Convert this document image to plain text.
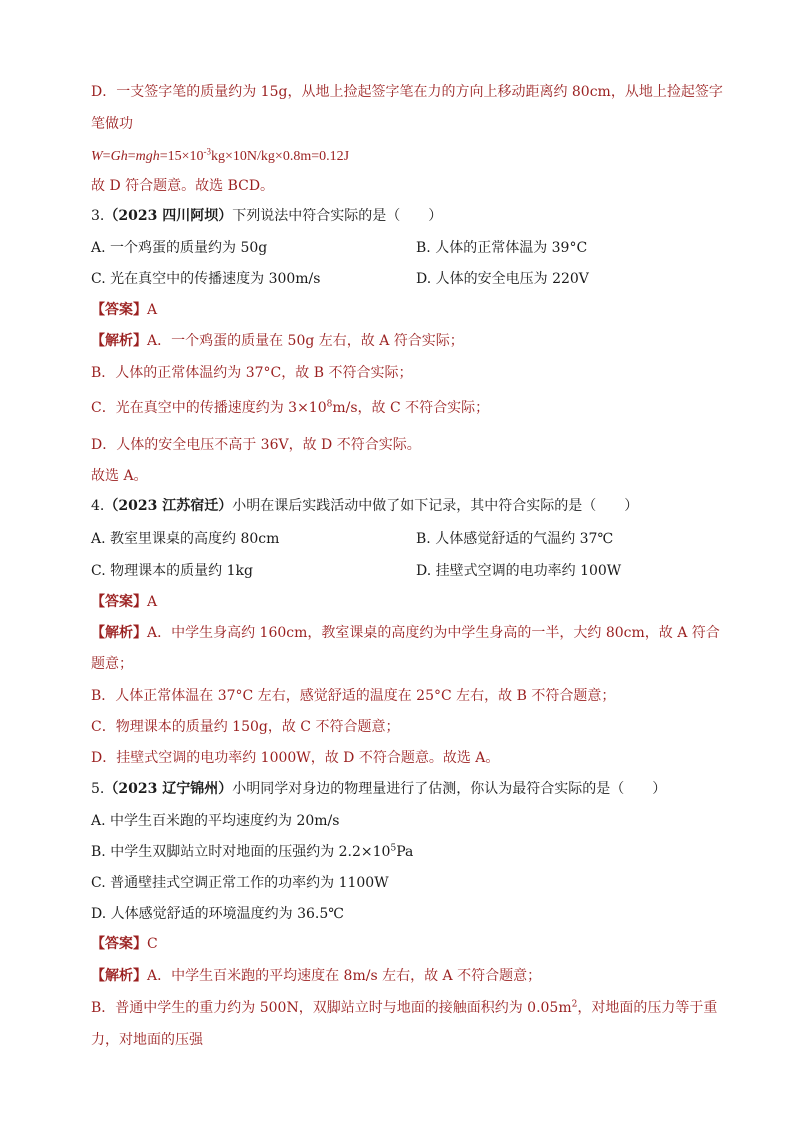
D．一支签字笔的质量约为 15g，从地上捡起签字笔在力的方向上移动距离约 80cm，从地上捡起签字
笔做功
$W=Gh=mgh=15\times 10^{-3}kg\times 10N/kg\times 0.8m=0.12J$
故 D 符合题意。故选 BCD。
3.（2023 四川阿坝）下列说法中符合实际的是（　　）
A. 一个鸡蛋的质量约为 50g	B. 人体的正常体温为 39°C
C. 光在真空中的传播速度为 300m/s	D. 人体的安全电压为 220V
【答案】A
【解析】A．一个鸡蛋的质量在 50g 左右，故 A 符合实际；
B．人体的正常体温约为 37°C，故 B 不符合实际；
C．光在真空中的传播速度约为 $3\times 10^8m/s$，故 C 不符合实际；
D．人体的安全电压不高于 36V，故 D 不符合实际。
故选 A。
4.（2023 江苏宿迁）小明在课后实践活动中做了如下记录，其中符合实际的是（　　）
A. 教室里课桌的高度约 80cm	B. 人体感觉舒适的气温约 37℃
C. 物理课本的质量约 1kg	D. 挂壁式空调的电功率约 100W
【答案】A
【解析】A．中学生身高约 160cm，教室课桌的高度约为中学生身高的一半，大约 80cm，故 A 符合
题意；
B．人体正常体温在 37°C 左右，感觉舒适的温度在 25°C 左右，故 B 不符合题意；
C．物理课本的质量约 150g，故 C 不符合题意；
D．挂壁式空调的电功率约 1000W，故 D 不符合题意。故选 A。
5.（2023 辽宁锦州）小明同学对身边的物理量进行了估测，你认为最符合实际的是（　　）
A. 中学生百米跑的平均速度约为 20m/s
B. 中学生双脚站立时对地面的压强约为 $2.2\times 10^5Pa$
C. 普通壁挂式空调正常工作的功率约为 1100W
D. 人体感觉舒适的环境温度约为 36.5℃
【答案】C
【解析】A．中学生百米跑的平均速度在 8m/s 左右，故 A 不符合题意；
B．普通中学生的重力约为 500N，双脚站立时与地面的接触面积约为 $0.05m^2$，对地面的压力等于重
力，对地面的压强
